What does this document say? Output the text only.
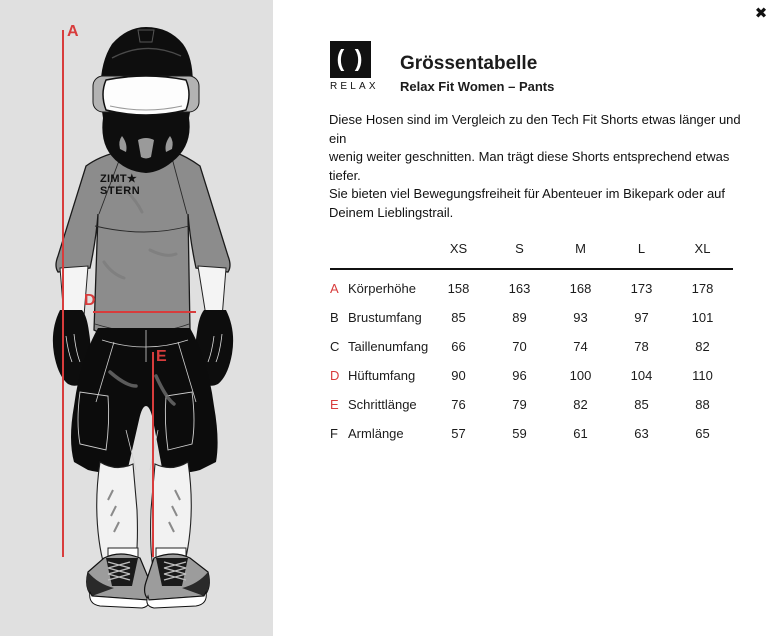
ZIMT★
STERN
A
D
E
✖
( )
RELAX
Grössentabelle
Relax Fit Women – Pants
Diese Hosen sind im Vergleich zu den Tech Fit Shorts etwas länger und ein
wenig weiter geschnitten. Man trägt diese Shorts entsprechend etwas tiefer.
Sie bieten viel Bewegungsfreiheit für Abenteuer im Bikepark oder auf
Deinem Lieblingstrail.
XS	S	M	L	XL
A Körperhöhe	158	163	168	173	178
B Brustumfang	85	89	93	97	101
C Taillenumfang	66	70	74	78	82
D Hüftumfang	90	96	100	104	110
E Schrittlänge	76	79	82	85	88
F Armlänge	57	59	61	63	65
